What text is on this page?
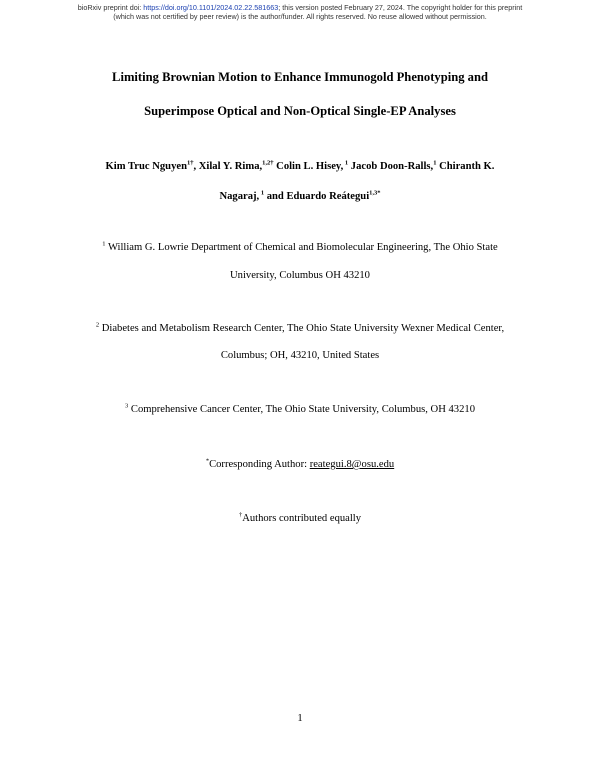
bioRxiv preprint doi: https://doi.org/10.1101/2024.02.22.581663; this version posted February 27, 2024. The copyright holder for this preprint
(which was not certified by peer review) is the author/funder. All rights reserved. No reuse allowed without permission.
Limiting Brownian Motion to Enhance Immunogold Phenotyping and
Superimpose Optical and Non-Optical Single-EP Analyses
Kim Truc Nguyen$^{1\dagger}$, Xilal Y. Rima,$^{1,2\dagger}$ Colin L. Hisey, $^1$ Jacob Doon-Ralls,$^1$ Chiranth K.
Nagaraj, $^1$ and Eduardo Reátegui$^{1,3*}$
$^1$ William G. Lowrie Department of Chemical and Biomolecular Engineering, The Ohio State
University, Columbus OH 43210
$^2$ Diabetes and Metabolism Research Center, The Ohio State University Wexner Medical Center,
Columbus; OH, 43210, United States
$^3$ Comprehensive Cancer Center, The Ohio State University, Columbus, OH 43210
*Corresponding Author: reategui.8@osu.edu
†Authors contributed equally
1
